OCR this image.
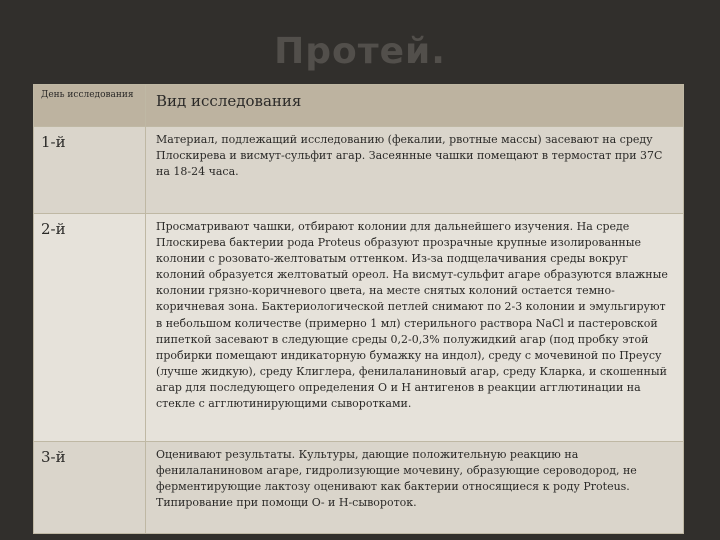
Протей.
День исследования	Вид исследования
1-й	Материал, подлежащий исследованию (фекалии, рвотные массы) засевают на среду Плоскирева и висмут-сульфит агар. Засеянные чашки помещают в термостат при 37С на 18-24 часа.
2-й	Просматривают чашки, отбирают колонии для дальнейшего изучения. На среде Плоскирева бактерии рода Proteus образуют прозрачные крупные изолированные колонии с розовато-желтоватым оттенком. Из-за подщелачивания среды вокруг колоний образуется желтоватый ореол. На висмут-сульфит агаре образуются влажные колонии грязно-коричневого цвета, на месте снятых колоний остается темно-коричневая зона. Бактериологической петлей снимают по 2-3 колонии и эмульгируют в небольшом количестве (примерно 1 мл) стерильного раствора NaCl и пастеровской пипеткой засевают в следующие среды 0,2-0,3% полужидкий агар (под пробку этой пробирки помещают индикаторную бумажку на индол), среду с мочевиной по Преусу (лучше жидкую), среду Клиглера, фенилаланиновый агар, среду Кларка, и скошенный агар для последующего определения О и Н антигенов в реакции агглютинации на стекле с агглютинирующими сыворотками.
3-й	Оценивают результаты. Культуры, дающие положительную реакцию на фенилаланиновом агаре, гидролизующие мочевину, образующие сероводород, не ферментирующие лактозу оценивают как бактерии относящиеся к роду Proteus. Типирование при помощи О- и Н-сывороток.
